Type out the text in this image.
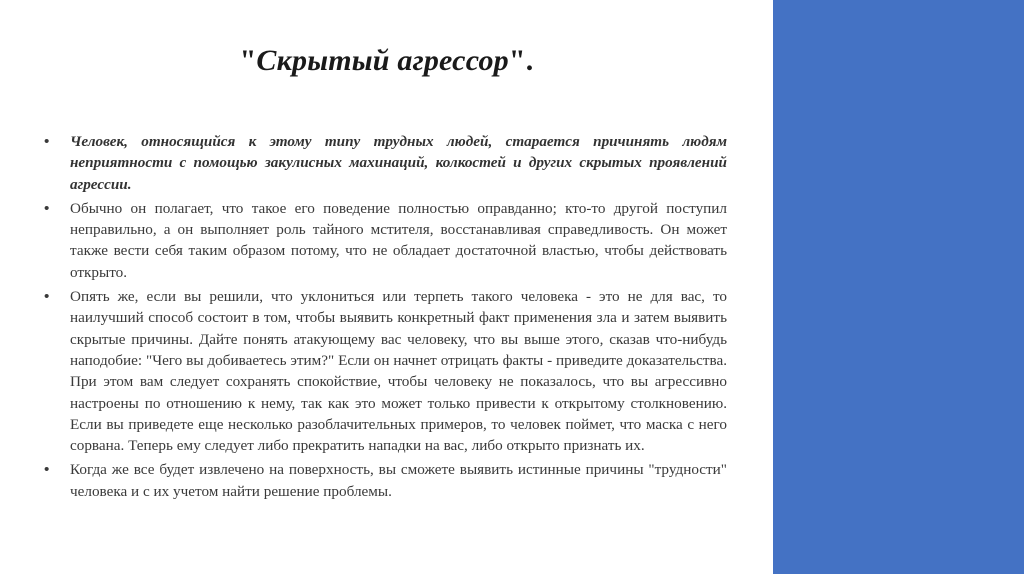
"Скрытый агрессор".
•	Человек, относящийся к этому типу трудных людей, старается причинять людям неприятности с помощью закулисных махинаций, колкостей и других скрытых проявлений агрессии.
•	Обычно он полагает, что такое его поведение полностью оправданно; кто-то другой поступил неправильно, а он выполняет роль тайного мстителя, восстанавливая справедливость. Он может также вести себя таким образом потому, что не обладает достаточной властью, чтобы действовать открыто.
•	Опять же, если вы решили, что уклониться или терпеть такого человека - это не для вас, то наилучший способ состоит в том, чтобы выявить конкретный факт применения зла и затем выявить скрытые причины. Дайте понять атакующему вас человеку, что вы выше этого, сказав что-нибудь наподобие: "Чего вы добиваетесь этим?" Если он начнет отрицать факты - приведите доказательства. При этом вам следует сохранять спокойствие, чтобы человеку не показалось, что вы агрессивно настроены по отношению к нему, так как это может только привести к открытому столкновению. Если вы приведете еще несколько разоблачительных примеров, то человек поймет, что маска с него сорвана. Теперь ему следует либо прекратить нападки на вас, либо открыто признать их.
•	Когда же все будет извлечено на поверхность, вы сможете выявить истинные причины "трудности" человека и с их учетом найти решение проблемы.
